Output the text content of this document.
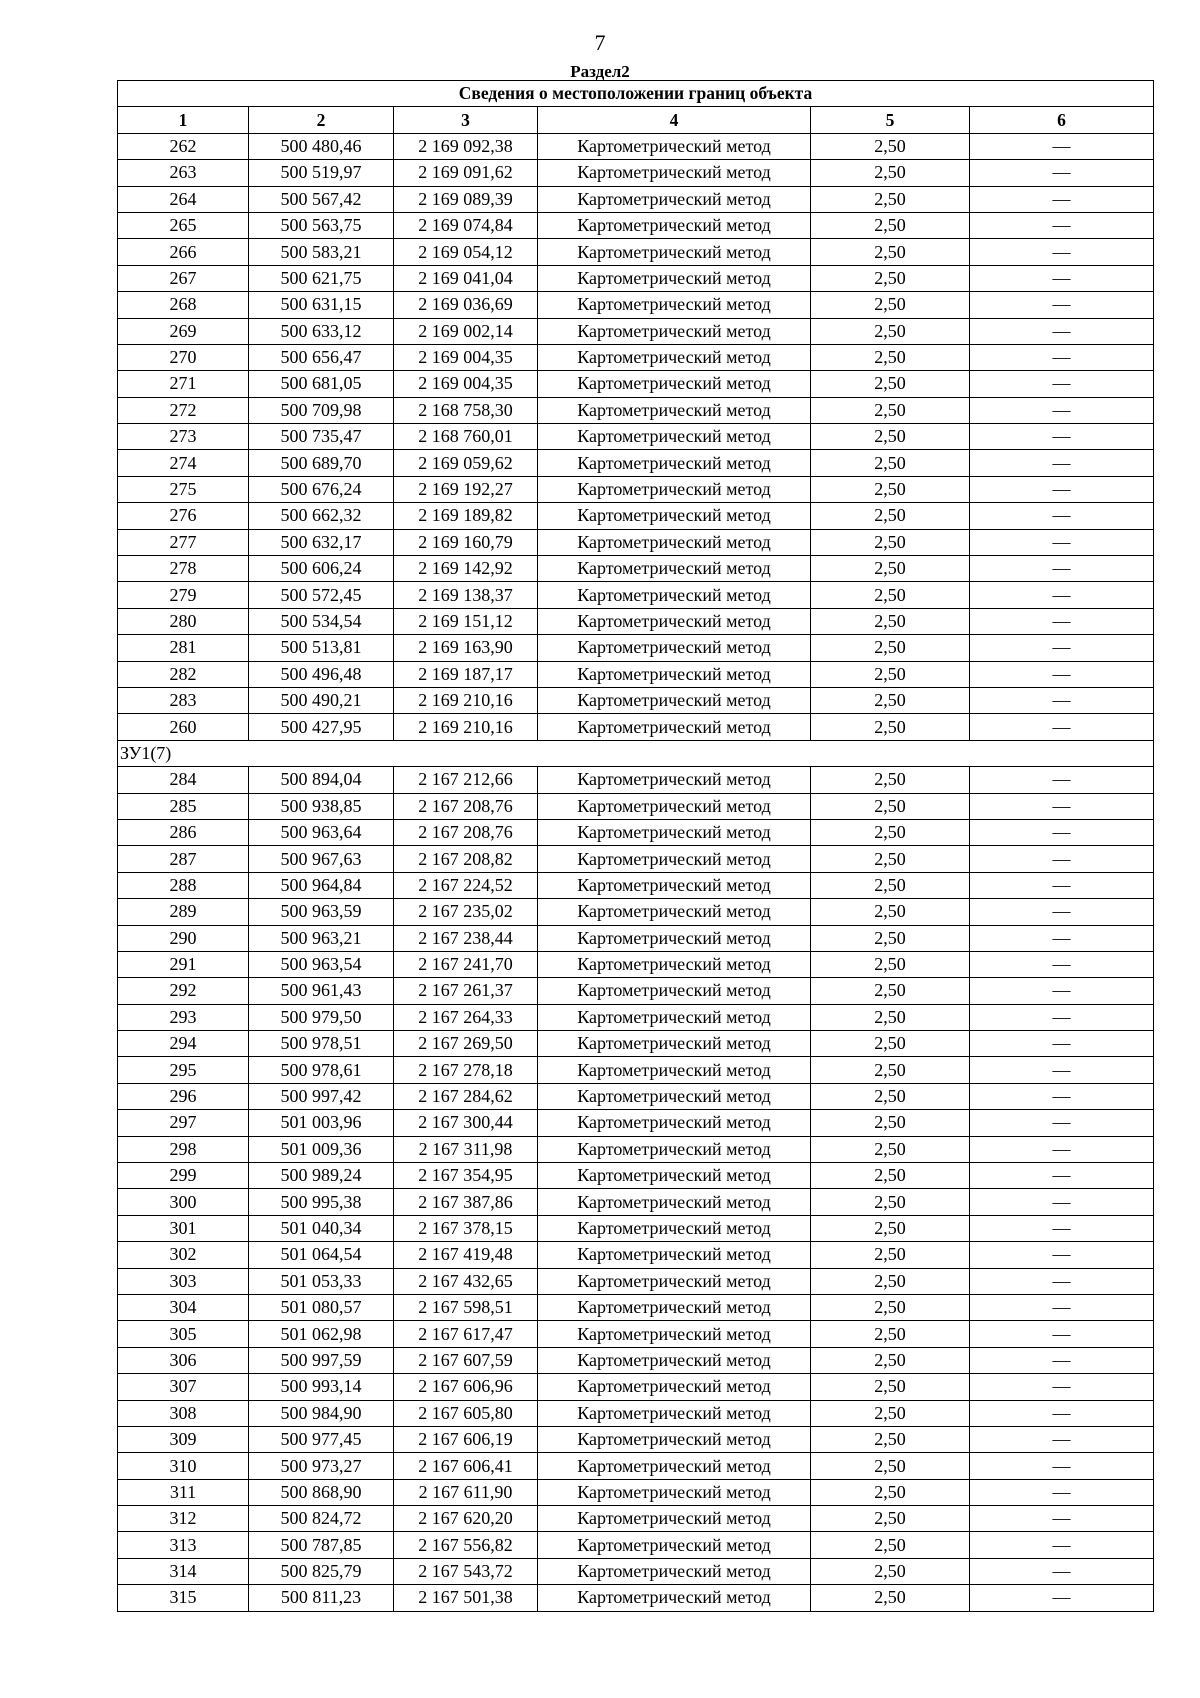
7
Раздел2
Сведения о местоположении границ объекта					
1	2	3	4	5	6
262	500 480,46	2 169 092,38	Картометрический метод	2,50	—
263	500 519,97	2 169 091,62	Картометрический метод	2,50	—
264	500 567,42	2 169 089,39	Картометрический метод	2,50	—
265	500 563,75	2 169 074,84	Картометрический метод	2,50	—
266	500 583,21	2 169 054,12	Картометрический метод	2,50	—
267	500 621,75	2 169 041,04	Картометрический метод	2,50	—
268	500 631,15	2 169 036,69	Картометрический метод	2,50	—
269	500 633,12	2 169 002,14	Картометрический метод	2,50	—
270	500 656,47	2 169 004,35	Картометрический метод	2,50	—
271	500 681,05	2 169 004,35	Картометрический метод	2,50	—
272	500 709,98	2 168 758,30	Картометрический метод	2,50	—
273	500 735,47	2 168 760,01	Картометрический метод	2,50	—
274	500 689,70	2 169 059,62	Картометрический метод	2,50	—
275	500 676,24	2 169 192,27	Картометрический метод	2,50	—
276	500 662,32	2 169 189,82	Картометрический метод	2,50	—
277	500 632,17	2 169 160,79	Картометрический метод	2,50	—
278	500 606,24	2 169 142,92	Картометрический метод	2,50	—
279	500 572,45	2 169 138,37	Картометрический метод	2,50	—
280	500 534,54	2 169 151,12	Картометрический метод	2,50	—
281	500 513,81	2 169 163,90	Картометрический метод	2,50	—
282	500 496,48	2 169 187,17	Картометрический метод	2,50	—
283	500 490,21	2 169 210,16	Картометрический метод	2,50	—
260	500 427,95	2 169 210,16	Картометрический метод	2,50	—
ЗУ1(7)					
284	500 894,04	2 167 212,66	Картометрический метод	2,50	—
285	500 938,85	2 167 208,76	Картометрический метод	2,50	—
286	500 963,64	2 167 208,76	Картометрический метод	2,50	—
287	500 967,63	2 167 208,82	Картометрический метод	2,50	—
288	500 964,84	2 167 224,52	Картометрический метод	2,50	—
289	500 963,59	2 167 235,02	Картометрический метод	2,50	—
290	500 963,21	2 167 238,44	Картометрический метод	2,50	—
291	500 963,54	2 167 241,70	Картометрический метод	2,50	—
292	500 961,43	2 167 261,37	Картометрический метод	2,50	—
293	500 979,50	2 167 264,33	Картометрический метод	2,50	—
294	500 978,51	2 167 269,50	Картометрический метод	2,50	—
295	500 978,61	2 167 278,18	Картометрический метод	2,50	—
296	500 997,42	2 167 284,62	Картометрический метод	2,50	—
297	501 003,96	2 167 300,44	Картометрический метод	2,50	—
298	501 009,36	2 167 311,98	Картометрический метод	2,50	—
299	500 989,24	2 167 354,95	Картометрический метод	2,50	—
300	500 995,38	2 167 387,86	Картометрический метод	2,50	—
301	501 040,34	2 167 378,15	Картометрический метод	2,50	—
302	501 064,54	2 167 419,48	Картометрический метод	2,50	—
303	501 053,33	2 167 432,65	Картометрический метод	2,50	—
304	501 080,57	2 167 598,51	Картометрический метод	2,50	—
305	501 062,98	2 167 617,47	Картометрический метод	2,50	—
306	500 997,59	2 167 607,59	Картометрический метод	2,50	—
307	500 993,14	2 167 606,96	Картометрический метод	2,50	—
308	500 984,90	2 167 605,80	Картометрический метод	2,50	—
309	500 977,45	2 167 606,19	Картометрический метод	2,50	—
310	500 973,27	2 167 606,41	Картометрический метод	2,50	—
311	500 868,90	2 167 611,90	Картометрический метод	2,50	—
312	500 824,72	2 167 620,20	Картометрический метод	2,50	—
313	500 787,85	2 167 556,82	Картометрический метод	2,50	—
314	500 825,79	2 167 543,72	Картометрический метод	2,50	—
315	500 811,23	2 167 501,38	Картометрический метод	2,50	—
